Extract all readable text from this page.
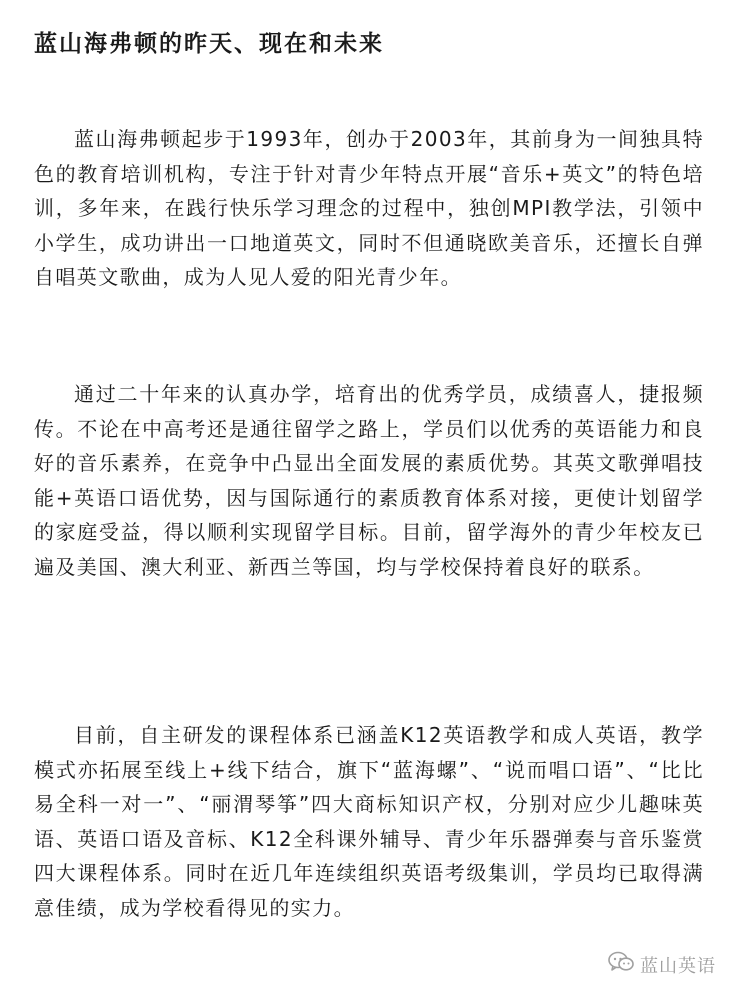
蓝山海弗顿的昨天、现在和未来

蓝山海弗顿起步于1993年，创办于2003年，其前身为一间独具特色的教育培训机构，专注于针对青少年特点开展“音乐+英文”的特色培训，多年来，在践行快乐学习理念的过程中，独创MPI教学法，引领中小学生，成功讲出一口地道英文，同时不但通晓欧美音乐，还擅长自弹自唱英文歌曲，成为人见人爱的阳光青少年。

通过二十年来的认真办学，培育出的优秀学员，成绩喜人，捷报频传。不论在中高考还是通往留学之路上，学员们以优秀的英语能力和良好的音乐素养，在竞争中凸显出全面发展的素质优势。其英文歌弹唱技能+英语口语优势，因与国际通行的素质教育体系对接，更使计划留学的家庭受益，得以顺利实现留学目标。目前，留学海外的青少年校友已遍及美国、澳大利亚、新西兰等国，均与学校保持着良好的联系。

目前，自主研发的课程体系已涵盖K12英语教学和成人英语，教学模式亦拓展至线上+线下结合，旗下“蓝海螺”、“说而唱口语”、“比比易全科一对一”、“丽渭琴筝”四大商标知识产权，分别对应少儿趣味英语、英语口语及音标、K12全科课外辅导、青少年乐器弹奏与音乐鉴赏四大课程体系。同时在近几年连续组织英语考级集训，学员均已取得满意佳绩，成为学校看得见的实力。

蓝山英语
